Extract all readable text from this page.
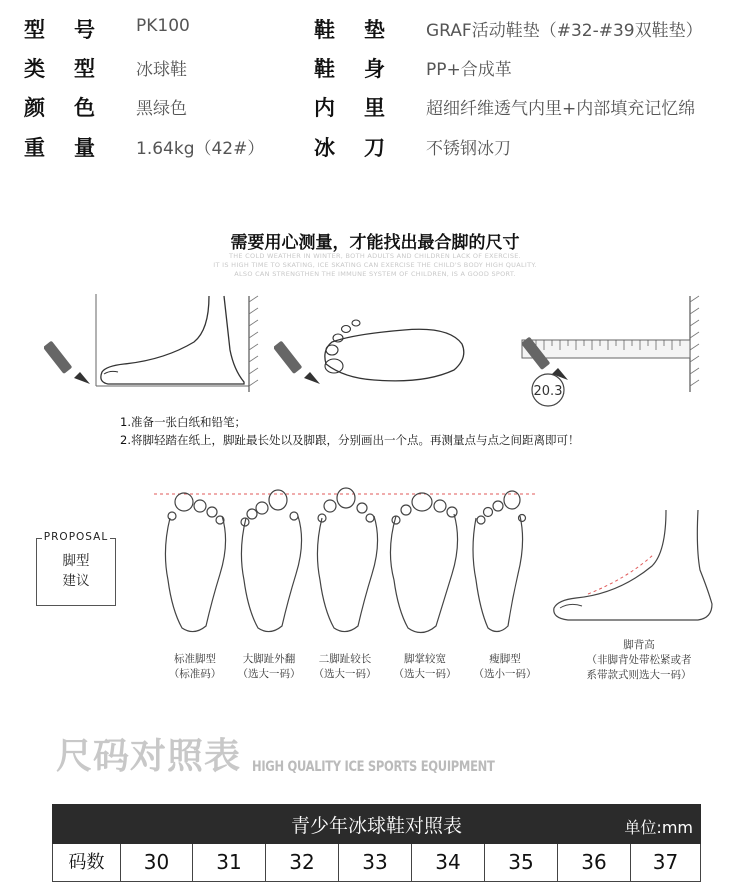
型 号	PK100	鞋 垫	GRAF活动鞋垫（#32-#39双鞋垫）
类 型	冰球鞋	鞋 身	PP+合成革
颜 色	黑绿色	内 里	超细纤维透气内里+内部填充记忆绵
重 量	1.64kg（42#） 冰 刀	不锈钢冰刀
需要用心测量，才能找出最合脚的尺寸
THE COLD WEATHER IN WINTER, BOTH ADULTS AND CHILDREN LACK OF EXERCISE.
IT IS HIGH TIME TO SKATING, ICE SKATING CAN EXERCISE THE CHILD'S BODY HIGH QUALITY.
ALSO CAN STRENGTHEN THE IMMUNE SYSTEM OF CHILDREN, IS A GOOD SPORT.
20.3
1.准备一张白纸和铅笔；
2.将脚轻踏在纸上，脚趾最长处以及脚跟，分别画出一个点。再测量点与点之间距离即可！
PROPOSAL
脚型
建议
标准脚型
（标准码）
大脚趾外翻
（选大一码）
二脚趾较长
（选大一码）
脚掌较宽
（选大一码）
瘦脚型
（选小一码）
脚背高
（非脚背处带松紧或者
系带款式则选大一码）
尺码对照表 HIGH QUALITY ICE SPORTS EQUIPMENT
青少年冰球鞋对照表	单位:mm
码数	30	31	32	33	34	35	36	37
